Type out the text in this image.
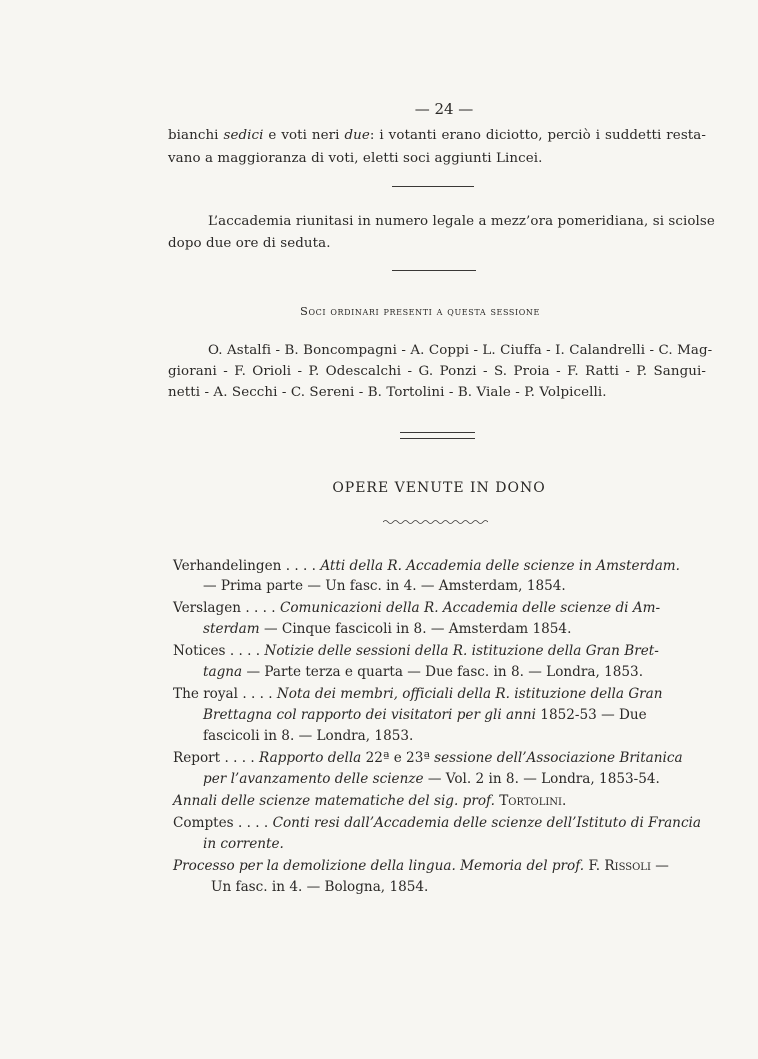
— 24 —
bianchi sedici e voti neri due: i votanti erano diciotto, perciò i suddetti resta-
vano a maggioranza di voti, eletti soci aggiunti Lincei.
L’accademia riunitasi in numero legale a mezz’ora pomeridiana, si sciolse
dopo due ore di seduta.
Soci ordinari presenti a questa sessione
O. Astalfi - B. Boncompagni - A. Coppi - L. Ciuffa - I. Calandrelli - C. Mag-
giorani - F. Orioli - P. Odescalchi - G. Ponzi - S. Proia - F. Ratti - P. Sangui-
netti - A. Secchi - C. Sereni - B. Tortolini - B. Viale - P. Volpicelli.
OPERE VENUTE IN DONO
Verhandelingen . . . . Atti della R. Accademia delle scienze in Amsterdam.
— Prima parte — Un fasc. in 4. — Amsterdam, 1854.
Verslagen . . . . Comunicazioni della R. Accademia delle scienze di Am-
sterdam — Cinque fascicoli in 8. — Amsterdam 1854.
Notices . . . . Notizie delle sessioni della R. istituzione della Gran Bret-
tagna — Parte terza e quarta — Due fasc. in 8. — Londra, 1853.
The royal . . . . Nota dei membri, officiali della R. istituzione della Gran
Brettagna col rapporto dei visitatori per gli anni 1852-53 — Due
fascicoli in 8. — Londra, 1853.
Report . . . . Rapporto della 22ª e 23ª sessione dell’Associazione Britanica
per l’avanzamento delle scienze — Vol. 2 in 8. — Londra, 1853-54.
Annali delle scienze matematiche del sig. prof. Tortolini.
Comptes . . . . Conti resi dall’Accademia delle scienze dell’Istituto di Francia
in corrente.
Processo per la demolizione della lingua. Memoria del prof. F. Rissoli —
Un fasc. in 4. — Bologna, 1854.
